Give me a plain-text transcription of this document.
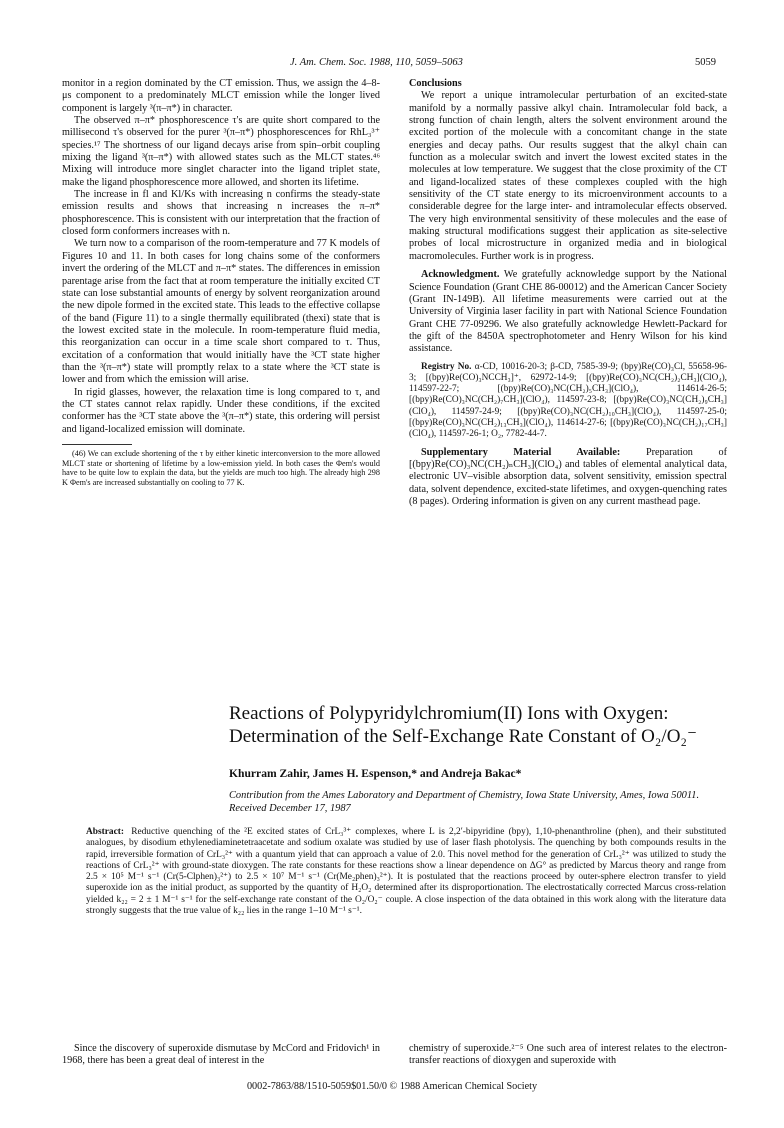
J. Am. Chem. Soc. 1988, 110, 5059–5063	5059

monitor in a region dominated by the CT emission. Thus, we assign the 4–8-μs component to a predominately MLCT emission while the longer lived component is largely ³(π–π*) in character.

The observed π–π* phosphorescence τ's are quite short compared to the millisecond τ's observed for the purer ³(π–π*) phosphorescences for RhL₃³⁺ species.¹⁷ The shortness of our ligand decays arise from spin–orbit coupling mixing the ligand ³(π–π*) with allowed states such as the MLCT states.⁴⁶ Mixing will introduce more singlet character into the ligand triplet state, make the ligand phosphorescence more allowed, and shorten its lifetime.

The increase in fl and Kl/Ks with increasing n confirms the steady-state emission results and shows that increasing n increases the π–π* phosphorescence. This is consistent with our interpretation that the fraction of closed form conformers increases with n.

We turn now to a comparison of the room-temperature and 77 K models of Figures 10 and 11. In both cases for long chains some of the conformers invert the ordering of the MLCT and π–π* states. The differences in emission parentage arise from the fact that at room temperature the initially excited CT state can lose substantial amounts of energy by solvent reorganization around the new dipole formed in the excited state. This leads to the effective collapse of the band (Figure 11) to a single thermally equilibrated (thexi) state that is the lowest excited state in the molecule. In room-temperature fluid media, this reorganization can occur in a time scale short compared to τ. Thus, excitation of a conformation that would initially have the ³CT state higher than the ³(π–π*) state will promptly relax to a state where the ³CT state is lower and from which the emission will arise.

In rigid glasses, however, the relaxation time is long compared to τ, and the CT states cannot relax rapidly. Under these conditions, if the excited conformer has the ³CT state above the ³(π–π*) state, this ordering will persist and ligand-localized emission will dominate.

(46) We can exclude shortening of the τ by either kinetic interconversion to the more allowed MLCT state or shortening of lifetime by a low-emission yield. In both cases the Φem's would have to be quite low to explain the data, but the yields are much too high. The already high 298 K Φem's are increased substantially on cooling to 77 K.
Conclusions

We report a unique intramolecular perturbation of an excited-state manifold by a normally passive alkyl chain. Intramolecular fold back, a strong function of chain length, alters the solvent environment around the excited portion of the molecule with a concomitant change in the state energies and decay paths. Our results suggest that the alkyl chain can function as a molecular switch and invert the lowest excited states in the molecules at low temperature. We suggest that the close proximity of the CT and ligand-localized states of these complexes coupled with the high sensitivity of the CT state energy to its microenvironment accounts to a considerable degree for the large inter- and intramolecular effects observed. The very high environmental sensitivity of these molecules and the ease of making structural modifications suggest their application as site-selective probes of local microstructure in organized media and in biological macromolecules. Further work is in progress.

Acknowledgment. We gratefully acknowledge support by the National Science Foundation (Grant CHE 86-00012) and the American Cancer Society (Grant IN-149B). All lifetime measurements were carried out at the University of Virginia laser facility in part with National Science Foundation Grant CHE 77-09296. We also gratefully acknowledge Hewlett-Packard for the gift of the 8450A spectrophotometer and Henry Wilson for his kind assistance.

Registry No. α-CD, 10016-20-3; β-CD, 7585-39-9; (bpy)Re(CO)₃Cl, 55658-96-3; [(bpy)Re(CO)₃NCCH₃]⁺, 62972-14-9; [(bpy)Re(CO)₃NC(CH₂)₂CH₃](ClO₄), 114597-22-7; [(bpy)Re(CO)₃NC(CH₂)₅CH₃](ClO₄), 114614-26-5; [(bpy)Re(CO)₃NC(CH₂)₇CH₃](ClO₄), 114597-23-8; [(bpy)Re(CO)₃NC(CH₂)₉CH₃](ClO₄), 114597-24-9; [(bpy)Re(CO)₃NC(CH₂)₁₀CH₃](ClO₄), 114597-25-0; [(bpy)Re(CO)₃NC(CH₂)₁₃CH₃](ClO₄), 114614-27-6; [(bpy)Re(CO)₃NC(CH₂)₁₇CH₃](ClO₄), 114597-26-1; O₂, 7782-44-7.

Supplementary Material Available:	Preparation of [(bpy)Re(CO)₃NC(CH₂)ₙCH₃](ClO₄) and tables of elemental analytical data, electronic UV–visible absorption data, solvent sensitivity, emission spectral data, solvent dependence, excited-state lifetimes, and oxygen-quenching rates (8 pages). Ordering information is given on any current masthead page.

Reactions of Polypyridylchromium(II) Ions with Oxygen:
Determination of the Self-Exchange Rate Constant of O₂/O₂⁻
Khurram Zahir, James H. Espenson,* and Andreja Bakac*
Contribution from the Ames Laboratory and Department of Chemistry, Iowa State University, Ames, Iowa 50011. Received December 17, 1987
Abstract: Reductive quenching of the ²E excited states of CrL₃³⁺ complexes, where L is 2,2′-bipyridine (bpy), 1,10-phenanthroline (phen), and their substituted analogues, by disodium ethylenediaminetetraacetate and sodium oxalate was studied by use of laser flash photolysis. The quenching by both compounds results in the rapid, irreversible formation of CrL₃²⁺ with a quantum yield that can approach a value of 2.0. This novel method for the generation of CrL₃²⁺ was utilized to study the reactions of CrL₃²⁺ with ground-state dioxygen. The rate constants for these reactions show a linear dependence on ΔG° as predicted by Marcus theory and range from 2.5 × 10⁵ M⁻¹ s⁻¹ (Cr(5-Clphen)₃²⁺) to 2.5 × 10⁷ M⁻¹ s⁻¹ (Cr(Me₂phen)₃²⁺). It is postulated that the reactions proceed by outer-sphere electron transfer to yield superoxide ion as the initial product, as supported by the quantity of H₂O₂ determined after its disproportionation. The electrostatically corrected Marcus cross-relation yielded k₂₂ = 2 ± 1 M⁻¹ s⁻¹ for the self-exchange rate constant of the O₂/O₂⁻ couple. A close inspection of the data obtained in this work along with the literature data strongly suggests that the true value of k₂₂ lies in the range 1–10 M⁻¹ s⁻¹.

Since the discovery of superoxide dismutase by McCord and Fridovich¹ in 1968, there has been a great deal of interest in the

chemistry of superoxide.²⁻⁵ One such area of interest relates to the electron-transfer reactions of dioxygen and superoxide with

0002-7863/88/1510-5059$01.50/0 © 1988 American Chemical Society
